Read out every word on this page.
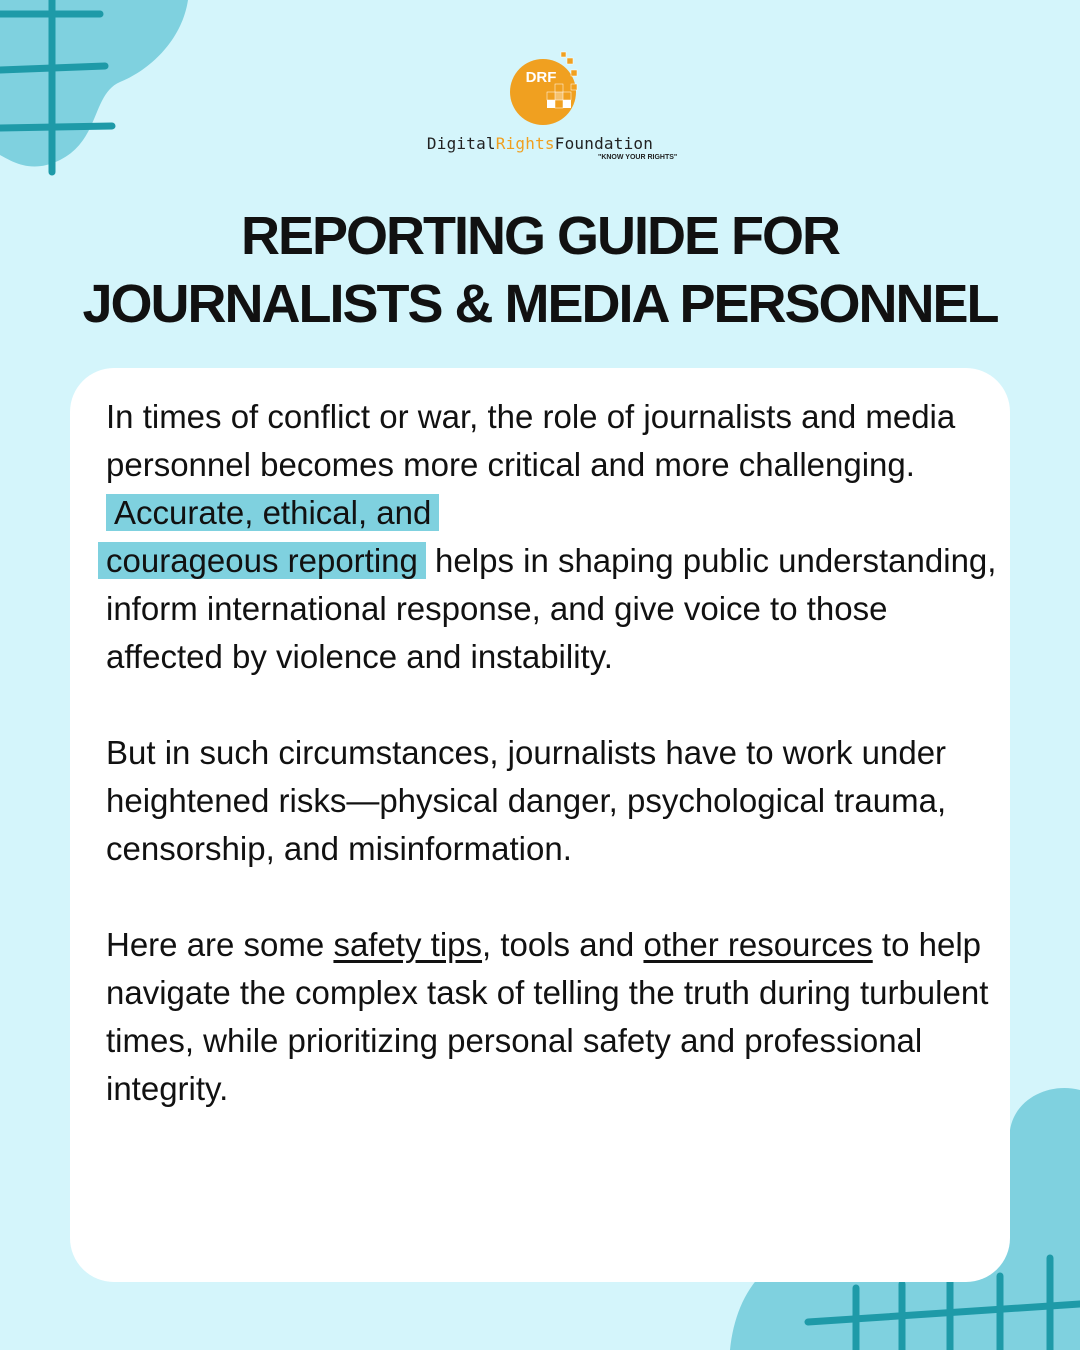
DRF
DigitalRightsFoundation
"KNOW YOUR RIGHTS"
REPORTING GUIDE FOR
JOURNALISTS & MEDIA PERSONNEL

In times of conflict or war, the role of journalists and media personnel becomes more critical and more challenging. Accurate, ethical, and
courageous reporting helps in shaping public understanding, inform international response, and give voice to those affected by violence and instability.

But in such circumstances, journalists have to work under heightened risks—physical danger, psychological trauma, censorship, and misinformation.

Here are some safety tips, tools and other resources to help navigate the complex task of telling the truth during turbulent times, while prioritizing personal safety and professional integrity.
